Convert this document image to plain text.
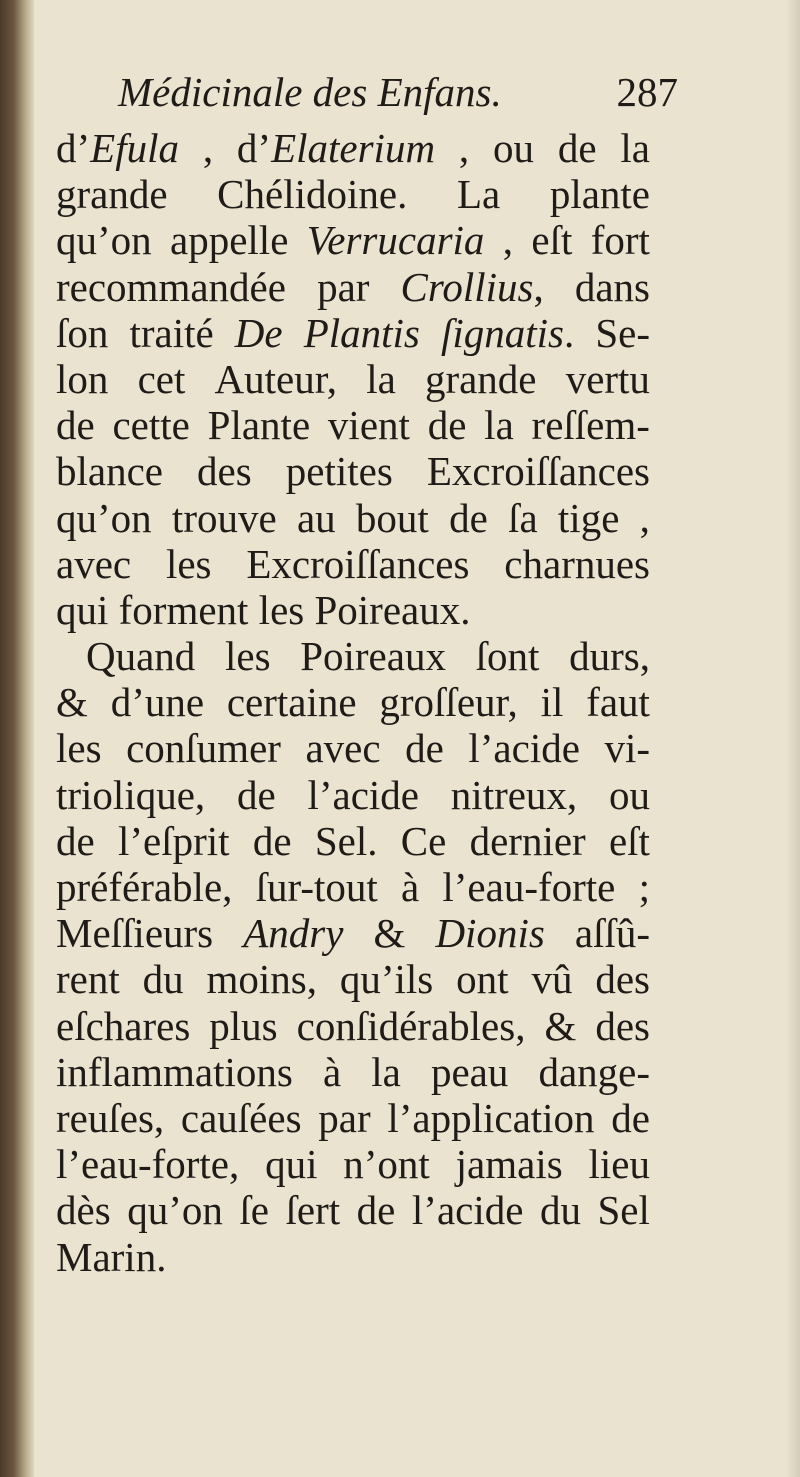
Médicinale des Enfans.	287
d’Efula , d’Elaterium , ou de la
grande Chélidoine. La plante
qu’on appelle Verrucaria , eſt fort
recommandée par Crollius, dans
ſon traité De Plantis ſignatis. Se-
lon cet Auteur, la grande vertu
de cette Plante vient de la reſſem-
blance des petites Excroiſſances
qu’on trouve au bout de ſa tige ,
avec les Excroiſſances charnues
qui forment les Poireaux.
Quand les Poireaux ſont durs,
& d’une certaine groſſeur, il faut
les conſumer avec de l’acide vi-
triolique, de l’acide nitreux, ou
de l’eſprit de Sel. Ce dernier eſt
préférable, ſur-tout à l’eau-forte ;
Meſſieurs Andry & Dionis aſſû-
rent du moins, qu’ils ont vû des
eſchares plus conſidérables, & des
inflammations à la peau dange-
reuſes, cauſées par l’application de
l’eau-forte, qui n’ont jamais lieu
dès qu’on ſe ſert de l’acide du Sel
Marin.
